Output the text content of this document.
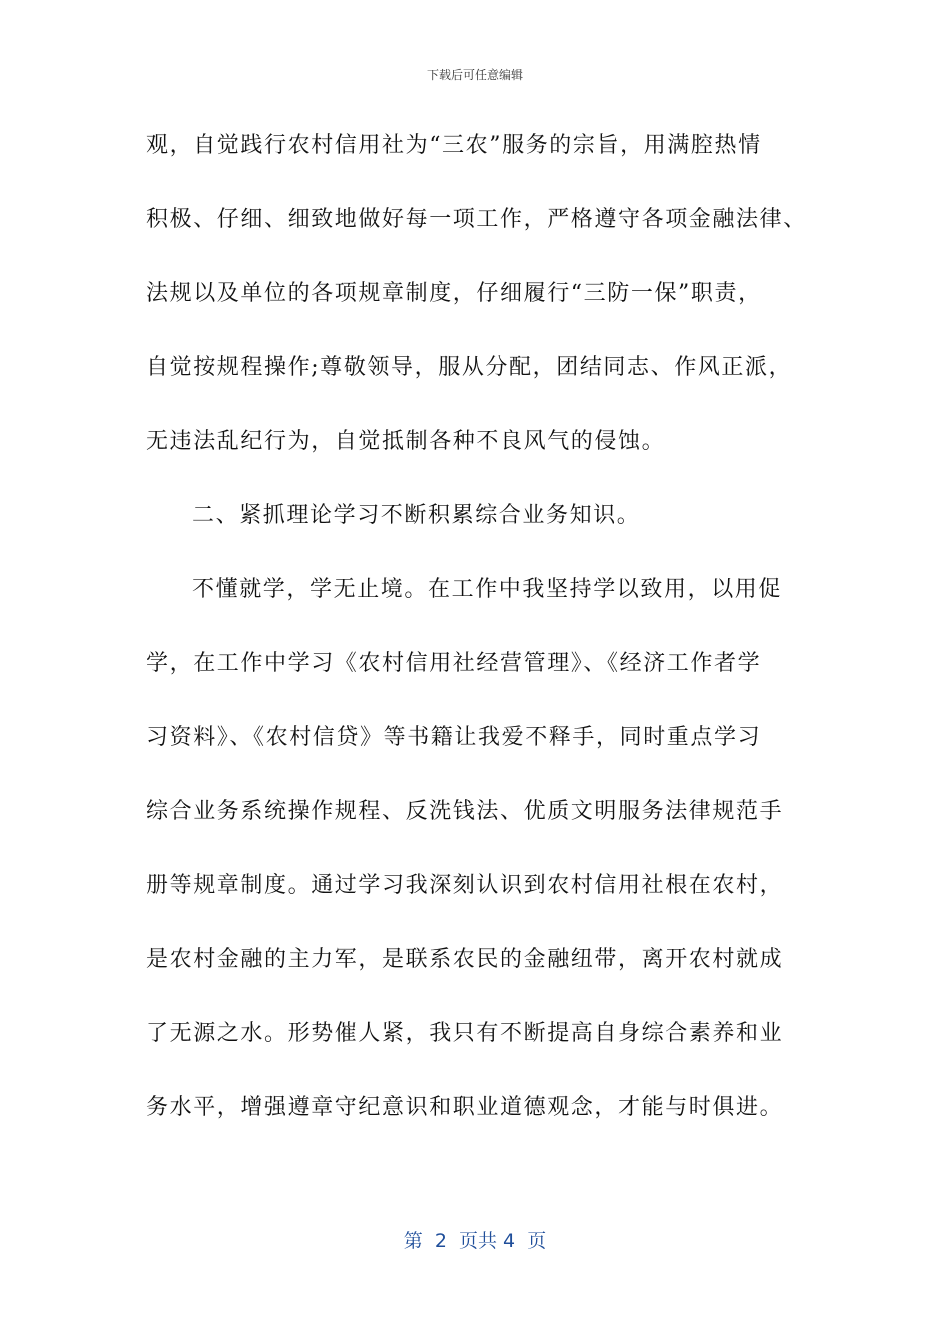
下载后可任意编辑
观，自觉践行农村信用社为“三农”服务的宗旨，用满腔热情
积极、仔细、细致地做好每一项工作，严格遵守各项金融法律、
法规以及单位的各项规章制度，仔细履行“三防一保”职责，
自觉按规程操作;尊敬领导，服从分配，团结同志、作风正派，
无违法乱纪行为，自觉抵制各种不良风气的侵蚀。
二、紧抓理论学习不断积累综合业务知识。
不懂就学，学无止境。在工作中我坚持学以致用，以用促
学，在工作中学习《农村信用社经营管理》、《经济工作者学
习资料》、《农村信贷》等书籍让我爱不释手，同时重点学习
综合业务系统操作规程、反洗钱法、优质文明服务法律规范手
册等规章制度。通过学习我深刻认识到农村信用社根在农村，
是农村金融的主力军，是联系农民的金融纽带，离开农村就成
了无源之水。形势催人紧，我只有不断提高自身综合素养和业
务水平，增强遵章守纪意识和职业道德观念，才能与时俱进。
第  2  页共 4  页
